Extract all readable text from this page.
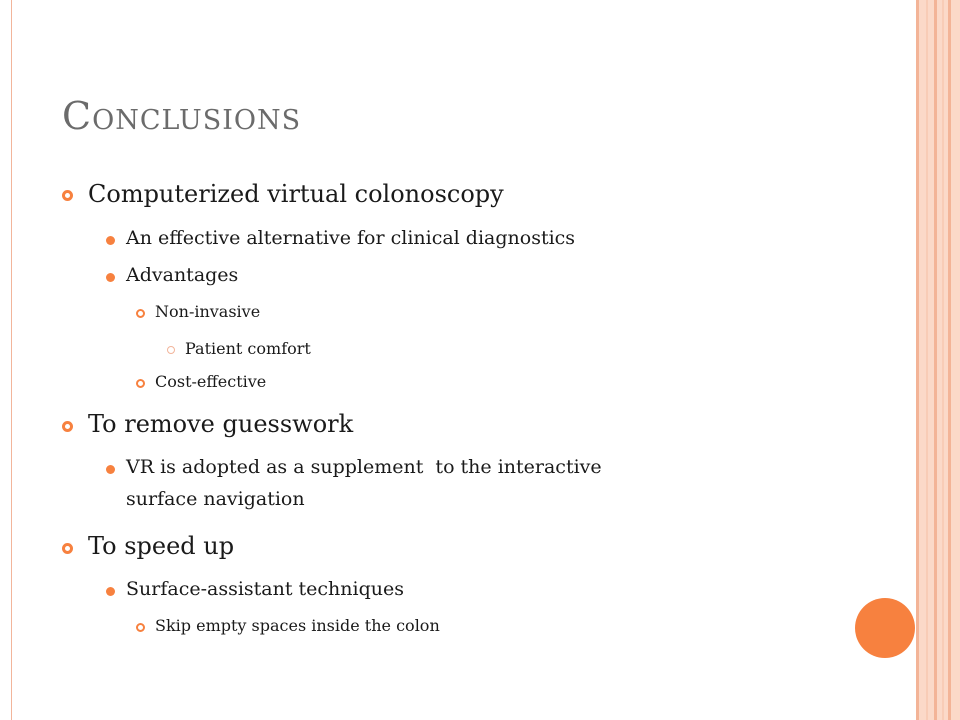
Conclusions
Computerized virtual colonoscopy
An effective alternative for clinical diagnostics
Advantages
Non-invasive
Patient comfort
Cost-effective
To remove guesswork
VR is adopted as a supplement  to the interactive
surface navigation
To speed up
Surface-assistant techniques
Skip empty spaces inside the colon
